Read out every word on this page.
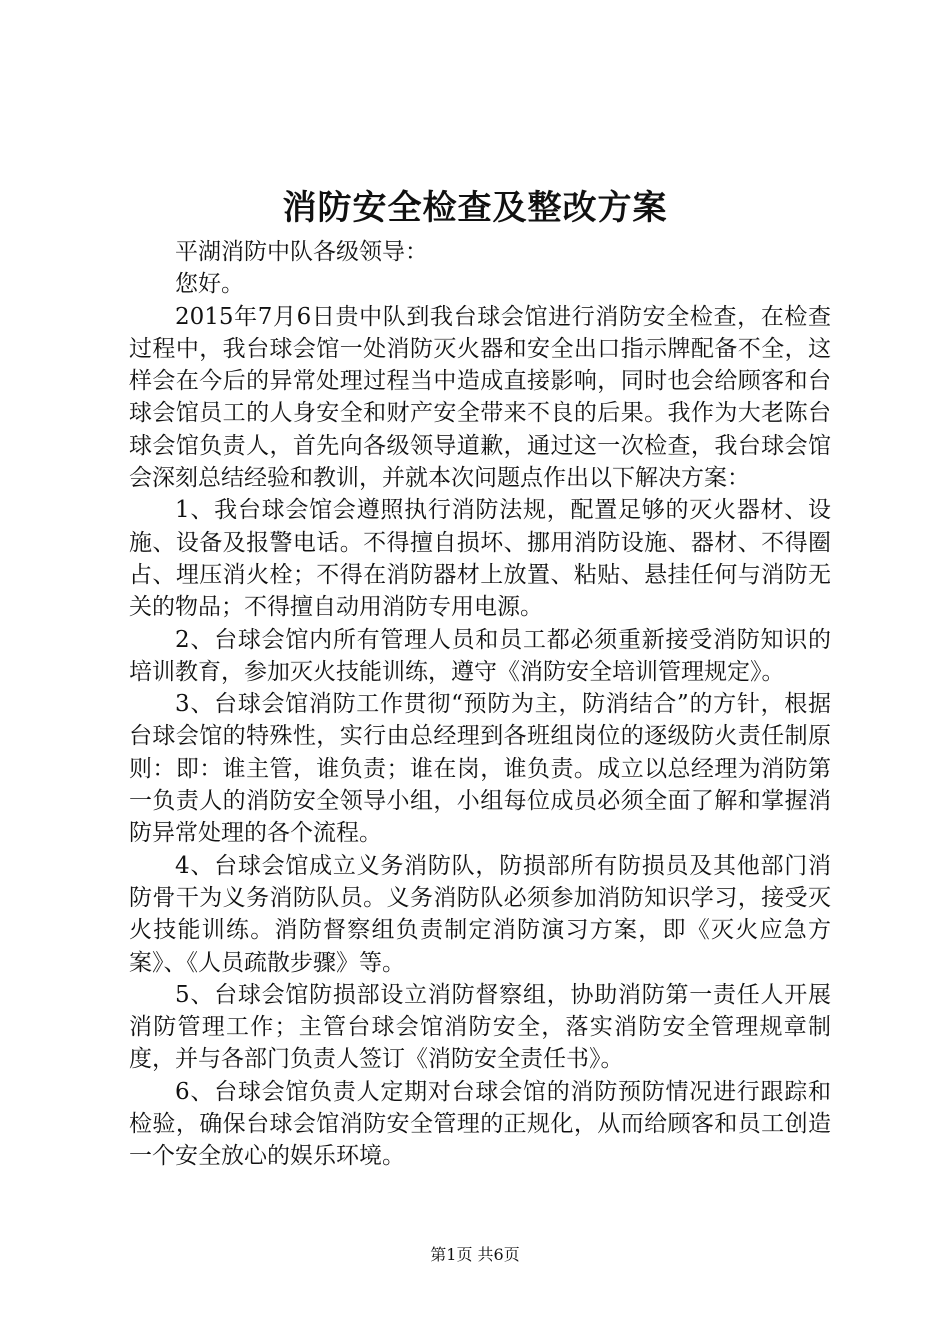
消防安全检查及整改方案

平湖消防中队各级领导：

您好。

2015年7月6日贵中队到我台球会馆进行消防安全检查，在检查过程中，我台球会馆一处消防灭火器和安全出口指示牌配备不全，这样会在今后的异常处理过程当中造成直接影响，同时也会给顾客和台球会馆员工的人身安全和财产安全带来不良的后果。我作为大老陈台球会馆负责人，首先向各级领导道歉，通过这一次检查，我台球会馆会深刻总结经验和教训，并就本次问题点作出以下解决方案：

1、我台球会馆会遵照执行消防法规，配置足够的灭火器材、设施、设备及报警电话。不得擅自损坏、挪用消防设施、器材、不得圈占、埋压消火栓；不得在消防器材上放置、粘贴、悬挂任何与消防无关的物品；不得擅自动用消防专用电源。

2、台球会馆内所有管理人员和员工都必须重新接受消防知识的培训教育，参加灭火技能训练，遵守《消防安全培训管理规定》。

3、台球会馆消防工作贯彻“预防为主，防消结合”的方针，根据台球会馆的特殊性，实行由总经理到各班组岗位的逐级防火责任制原则：即：谁主管，谁负责；谁在岗，谁负责。成立以总经理为消防第一负责人的消防安全领导小组，小组每位成员必须全面了解和掌握消防异常处理的各个流程。

4、台球会馆成立义务消防队，防损部所有防损员及其他部门消防骨干为义务消防队员。义务消防队必须参加消防知识学习，接受灭火技能训练。消防督察组负责制定消防演习方案，即《灭火应急方案》、《人员疏散步骤》等。

5、台球会馆防损部设立消防督察组，协助消防第一责任人开展消防管理工作；主管台球会馆消防安全，落实消防安全管理规章制度，并与各部门负责人签订《消防安全责任书》。

6、台球会馆负责人定期对台球会馆的消防预防情况进行跟踪和检验，确保台球会馆消防安全管理的正规化，从而给顾客和员工创造一个安全放心的娱乐环境。

第1页 共6页
